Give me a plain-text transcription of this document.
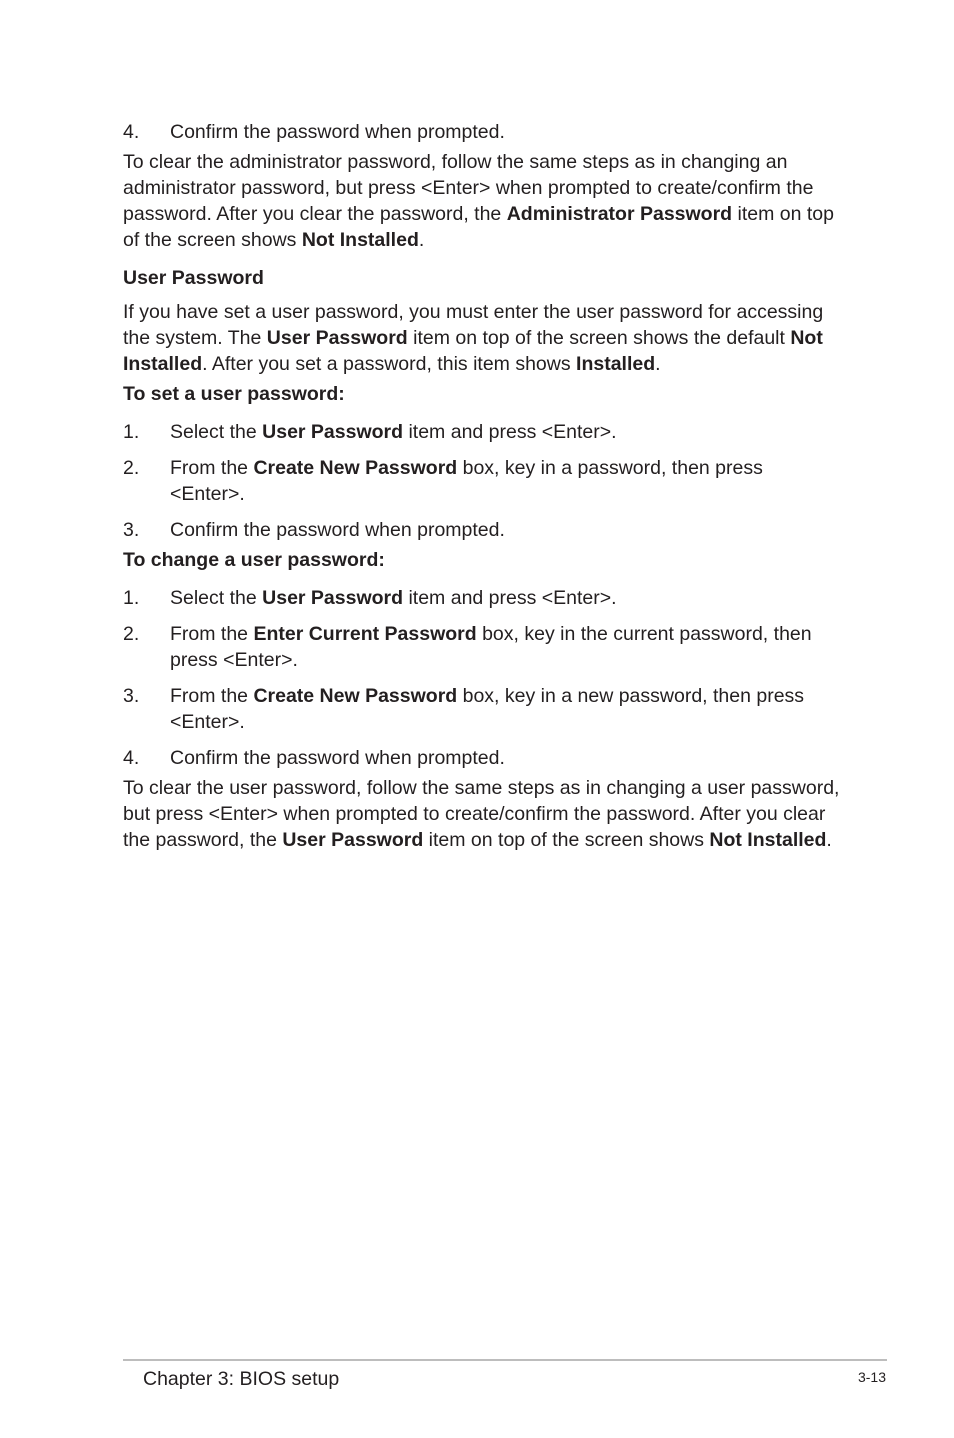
4.	Confirm the password when prompted.

To clear the administrator password, follow the same steps as in changing an administrator password, but press <Enter> when prompted to create/confirm the password. After you clear the password, the Administrator Password item on top of the screen shows Not Installed.

User Password

If you have set a user password, you must enter the user password for accessing the system. The User Password item on top of the screen shows the default Not Installed. After you set a password, this item shows Installed.

To set a user password:

1.	Select the User Password item and press <Enter>.
2.	From the Create New Password box, key in a password, then press <Enter>.
3.	Confirm the password when prompted.

To change a user password:

1.	Select the User Password item and press <Enter>.
2.	From the Enter Current Password box, key in the current password, then press <Enter>.
3.	From the Create New Password box, key in a new password, then press <Enter>.
4.	Confirm the password when prompted.

To clear the user password, follow the same steps as in changing a user password, but press <Enter> when prompted to create/confirm the password. After you clear the password, the User Password item on top of the screen shows Not Installed.

Chapter 3: BIOS setup	3-13
